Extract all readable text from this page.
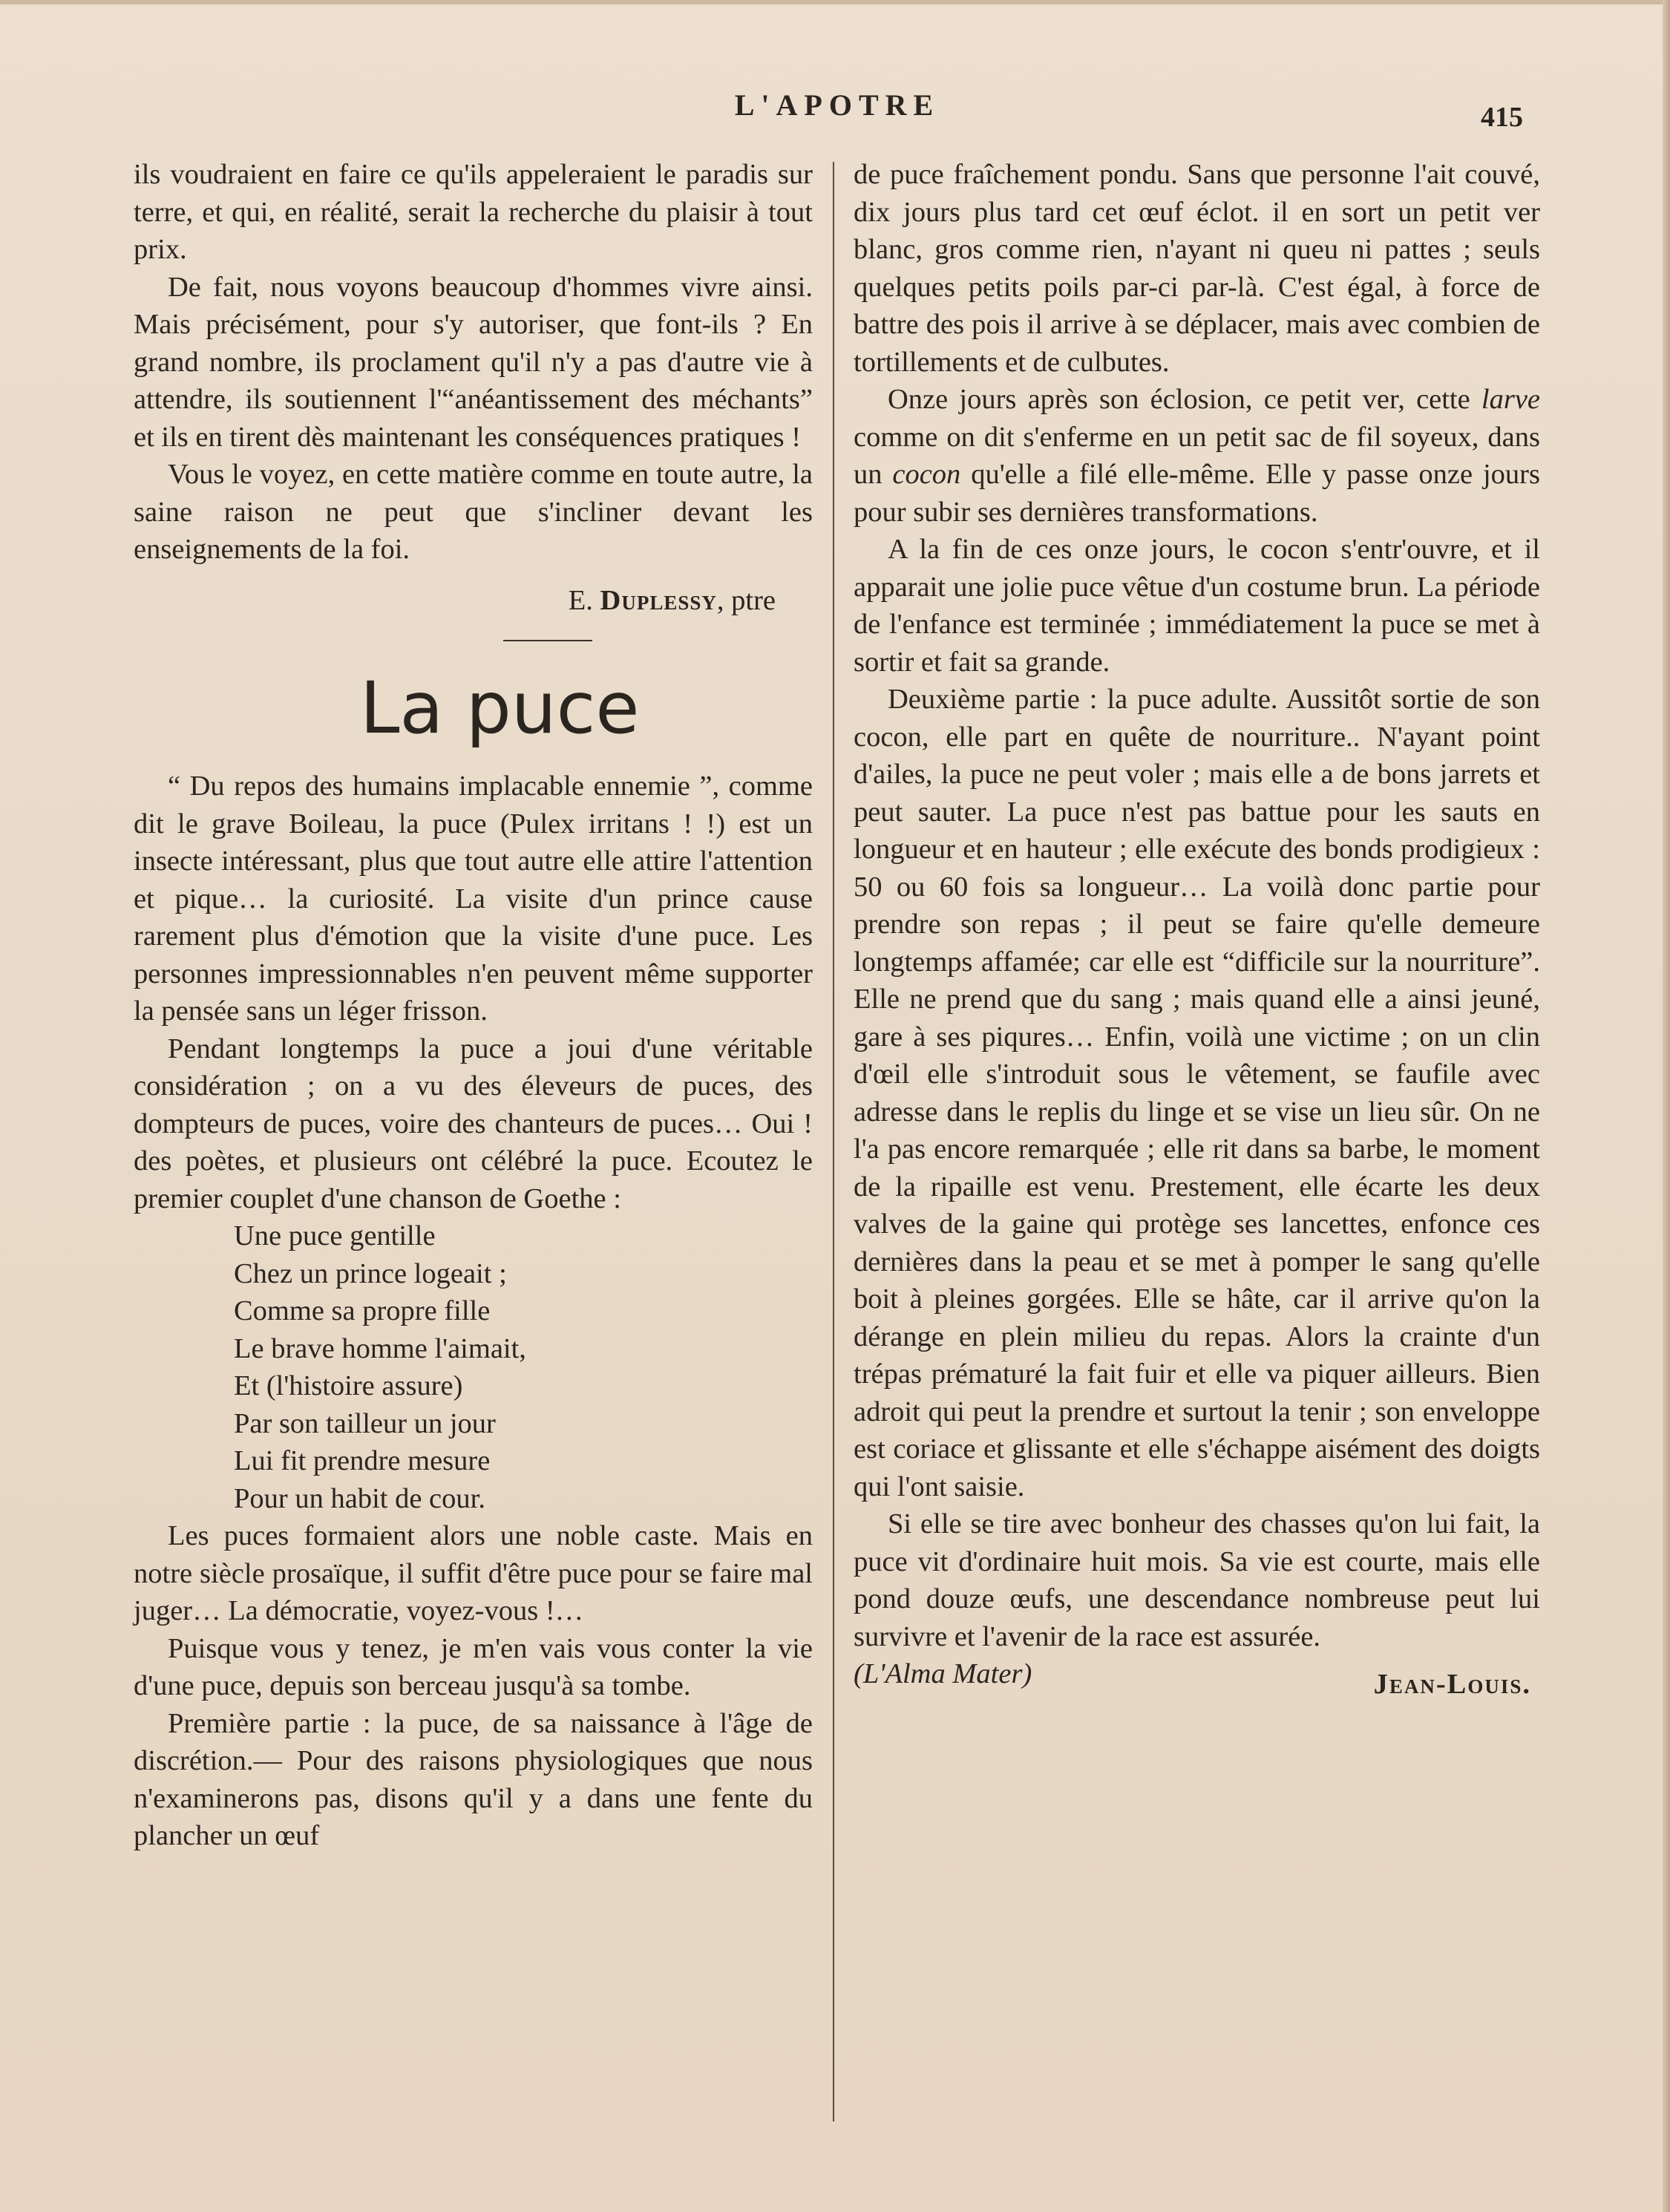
L'APOTRE	415

ils voudraient en faire ce qu'ils appeleraient le paradis sur terre, et qui, en réalité, serait la recherche du plaisir à tout prix.

De fait, nous voyons beaucoup d'hommes vivre ainsi. Mais précisément, pour s'y autoriser, que font-ils ? En grand nombre, ils proclament qu'il n'y a pas d'autre vie à attendre, ils soutiennent l'“anéantissement des méchants” et ils en tirent dès maintenant les conséquences pratiques !

Vous le voyez, en cette matière comme en toute autre, la saine raison ne peut que s'incliner devant les enseignements de la foi.

E. Duplessy, ptre
La puce

“ Du repos des humains implacable ennemie ”, comme dit le grave Boileau, la puce (Pulex irritans ! !) est un insecte intéressant, plus que tout autre elle attire l'attention et pique… la curiosité. La visite d'un prince cause rarement plus d'émotion que la visite d'une puce. Les personnes impressionnables n'en peuvent même supporter la pensée sans un léger frisson.

Pendant longtemps la puce a joui d'une véritable considération ; on a vu des éleveurs de puces, des dompteurs de puces, voire des chanteurs de puces… Oui ! des poètes, et plusieurs ont célébré la puce. Ecoutez le premier couplet d'une chanson de Goethe :

Une puce gentille
Chez un prince logeait ;
Comme sa propre fille
Le brave homme l'aimait,
Et (l'histoire assure)
Par son tailleur un jour
Lui fit prendre mesure
Pour un habit de cour.

Les puces formaient alors une noble caste. Mais en notre siècle prosaïque, il suffit d'être puce pour se faire mal juger… La démocratie, voyez-vous !…

Puisque vous y tenez, je m'en vais vous conter la vie d'une puce, depuis son berceau jusqu'à sa tombe.

Première partie : la puce, de sa naissance à l'âge de discrétion.— Pour des raisons physiologiques que nous n'examinerons pas, disons qu'il y a dans une fente du plancher un œuf

de puce fraîchement pondu. Sans que personne l'ait couvé, dix jours plus tard cet œuf éclot. il en sort un petit ver blanc, gros comme rien, n'ayant ni queu ni pattes ; seuls quelques petits poils par-ci par-là. C'est égal, à force de battre des pois il arrive à se déplacer, mais avec combien de tortillements et de culbutes.

Onze jours après son éclosion, ce petit ver, cette larve comme on dit s'enferme en un petit sac de fil soyeux, dans un cocon qu'elle a filé elle-même. Elle y passe onze jours pour subir ses dernières transformations.

A la fin de ces onze jours, le cocon s'entr'ouvre, et il apparait une jolie puce vêtue d'un costume brun. La période de l'enfance est terminée ; immédiatement la puce se met à sortir et fait sa grande.

Deuxième partie : la puce adulte. Aussitôt sortie de son cocon, elle part en quête de nourriture.. N'ayant point d'ailes, la puce ne peut voler ; mais elle a de bons jarrets et peut sauter. La puce n'est pas battue pour les sauts en longueur et en hauteur ; elle exécute des bonds prodigieux : 50 ou 60 fois sa longueur… La voilà donc partie pour prendre son repas ; il peut se faire qu'elle demeure longtemps affamée; car elle est “difficile sur la nourriture”. Elle ne prend que du sang ; mais quand elle a ainsi jeuné, gare à ses piqures… Enfin, voilà une victime ; on un clin d'œil elle s'introduit sous le vêtement, se faufile avec adresse dans le replis du linge et se vise un lieu sûr. On ne l'a pas encore remarquée ; elle rit dans sa barbe, le moment de la ripaille est venu. Prestement, elle écarte les deux valves de la gaine qui protège ses lancettes, enfonce ces dernières dans la peau et se met à pomper le sang qu'elle boit à pleines gorgées. Elle se hâte, car il arrive qu'on la dérange en plein milieu du repas. Alors la crainte d'un trépas prématuré la fait fuir et elle va piquer ailleurs. Bien adroit qui peut la prendre et surtout la tenir ; son enveloppe est coriace et glissante et elle s'échappe aisément des doigts qui l'ont saisie.

Si elle se tire avec bonheur des chasses qu'on lui fait, la puce vit d'ordinaire huit mois. Sa vie est courte, mais elle pond douze œufs, une descendance nombreuse peut lui survivre et l'avenir de la race est assurée.

(L'Alma Mater)	Jean-Louis.
